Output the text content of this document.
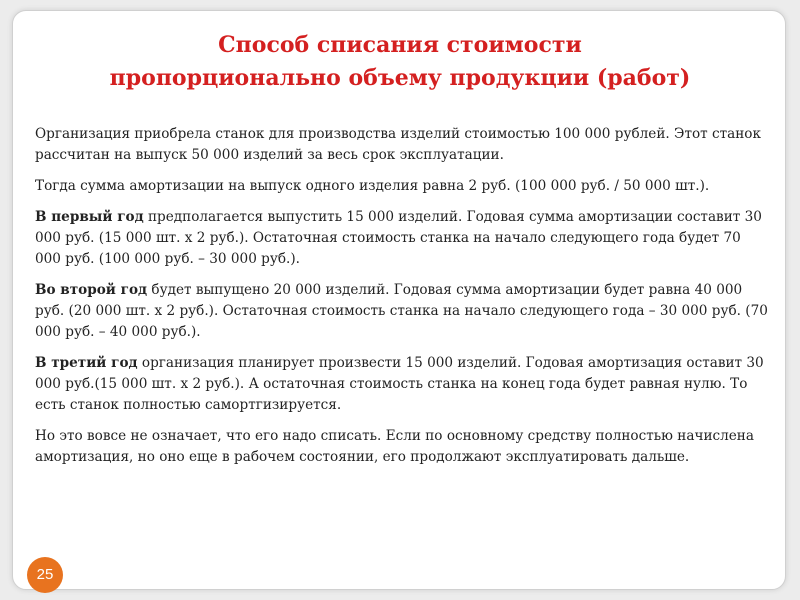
Способ списания стоимости
пропорционально объему продукции (работ)

Организация приобрела станок для производства изделий стоимостью 100 000 рублей. Этот станок рассчитан на выпуск 50 000 изделий за весь срок эксплуатации.

Тогда сумма амортизации на выпуск одного изделия равна 2 руб. (100 000 руб. / 50 000 шт.).

В первый год предполагается выпустить 15 000 изделий. Годовая сумма амортизации составит 30 000 руб. (15 000 шт. х 2 руб.). Остаточная стоимость станка на начало следующего года будет 70 000 руб. (100 000 руб. – 30 000 руб.).

Во второй год будет выпущено 20 000 изделий. Годовая сумма амортизации будет равна 40 000 руб. (20 000 шт. х 2 руб.). Остаточная стоимость станка на начало следующего года – 30 000 руб. (70 000 руб. – 40 000 руб.).

В третий год организация планирует произвести 15 000 изделий. Годовая амортизация оставит 30 000 руб.(15 000 шт. х 2 руб.). А остаточная стоимость станка на конец года будет равная нулю. То есть станок полностью самортгизируется.

Но это вовсе не означает, что его надо списать. Если по основному средству полностью начислена амортизация, но оно еще в рабочем состоянии, его продолжают эксплуатировать дальше.

25
